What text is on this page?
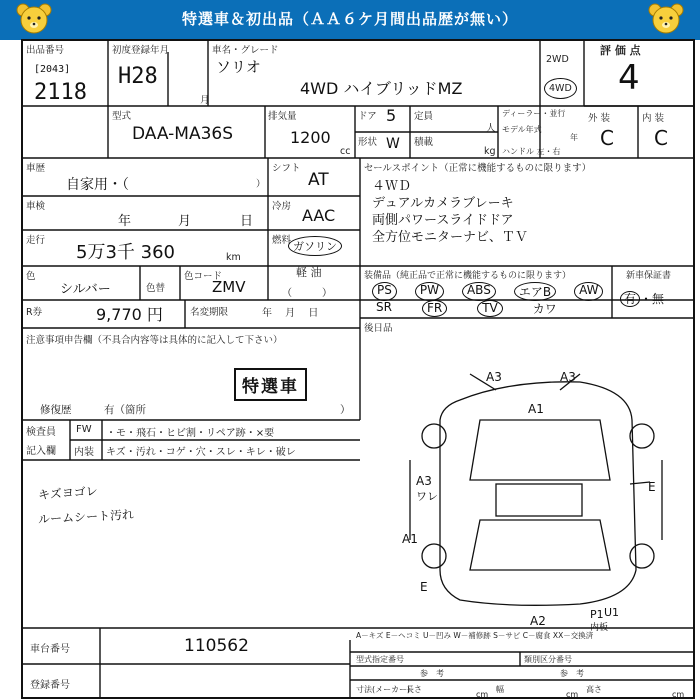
特選車＆初出品（ＡＡ６ケ月間出品歴が無い）
出品番号
[2043]
2118
初度登録年月
H28
月
車名・グレード
ソリオ
4WD ハイブリッドMZ
2WD
4WD
評 価 点
4
外 装	内 装
C C
型式
DAA-MA36S
排気量
1200
cc
ドア 5 定員
人
形状 W 積載
kg
ディーラー・並行
モデル年式
年
ハンドル 左・右
車歴
自家用・（	）
シフト
AT
車検
年	月	日
冷房 AAC
走行
5万3千 360	km
燃料 ガソリン
軽 油
（　　　）
色
シルバー	色替
色コード
ZMV
R券	9,770 円	名変期限	年 　月 　日
セールスポイント（正常に機能するものに限ります）
４ＷＤ
デュアルカメラブレーキ
両側パワースライドドア
全方位モニターナビ、ＴＶ
装備品（純正品で正常に機能するものに限ります）	新車保証書
PS	PW	ABS	エアB	AW
SR	FR	TV	カワ
有 ・無
後日品
注意事項申告欄（不具合内容等は具体的に記入して下さい）
特選車
修復歴	有（箇所	）
検査員
記入欄
FW ・モ・飛石・ヒビ割・リペア跡・×要
内装 キズ・汚れ・コゲ・穴・スレ・キレ・破レ
キズヨゴレ
ルームシート汚れ
A3	A3
A1
E
A3
ワレ
A1
E
A2	P1 U1
内板
車台番号	110562
登録番号
A－キズ E－ヘコミ U－凹み W－補修跡 S－サビ C－腐食 XX－交換済
型式指定番号	類別区分番号
参　考	参　考
寸法(メーカー)
長さ
cm
幅
cm
高さ
cm
